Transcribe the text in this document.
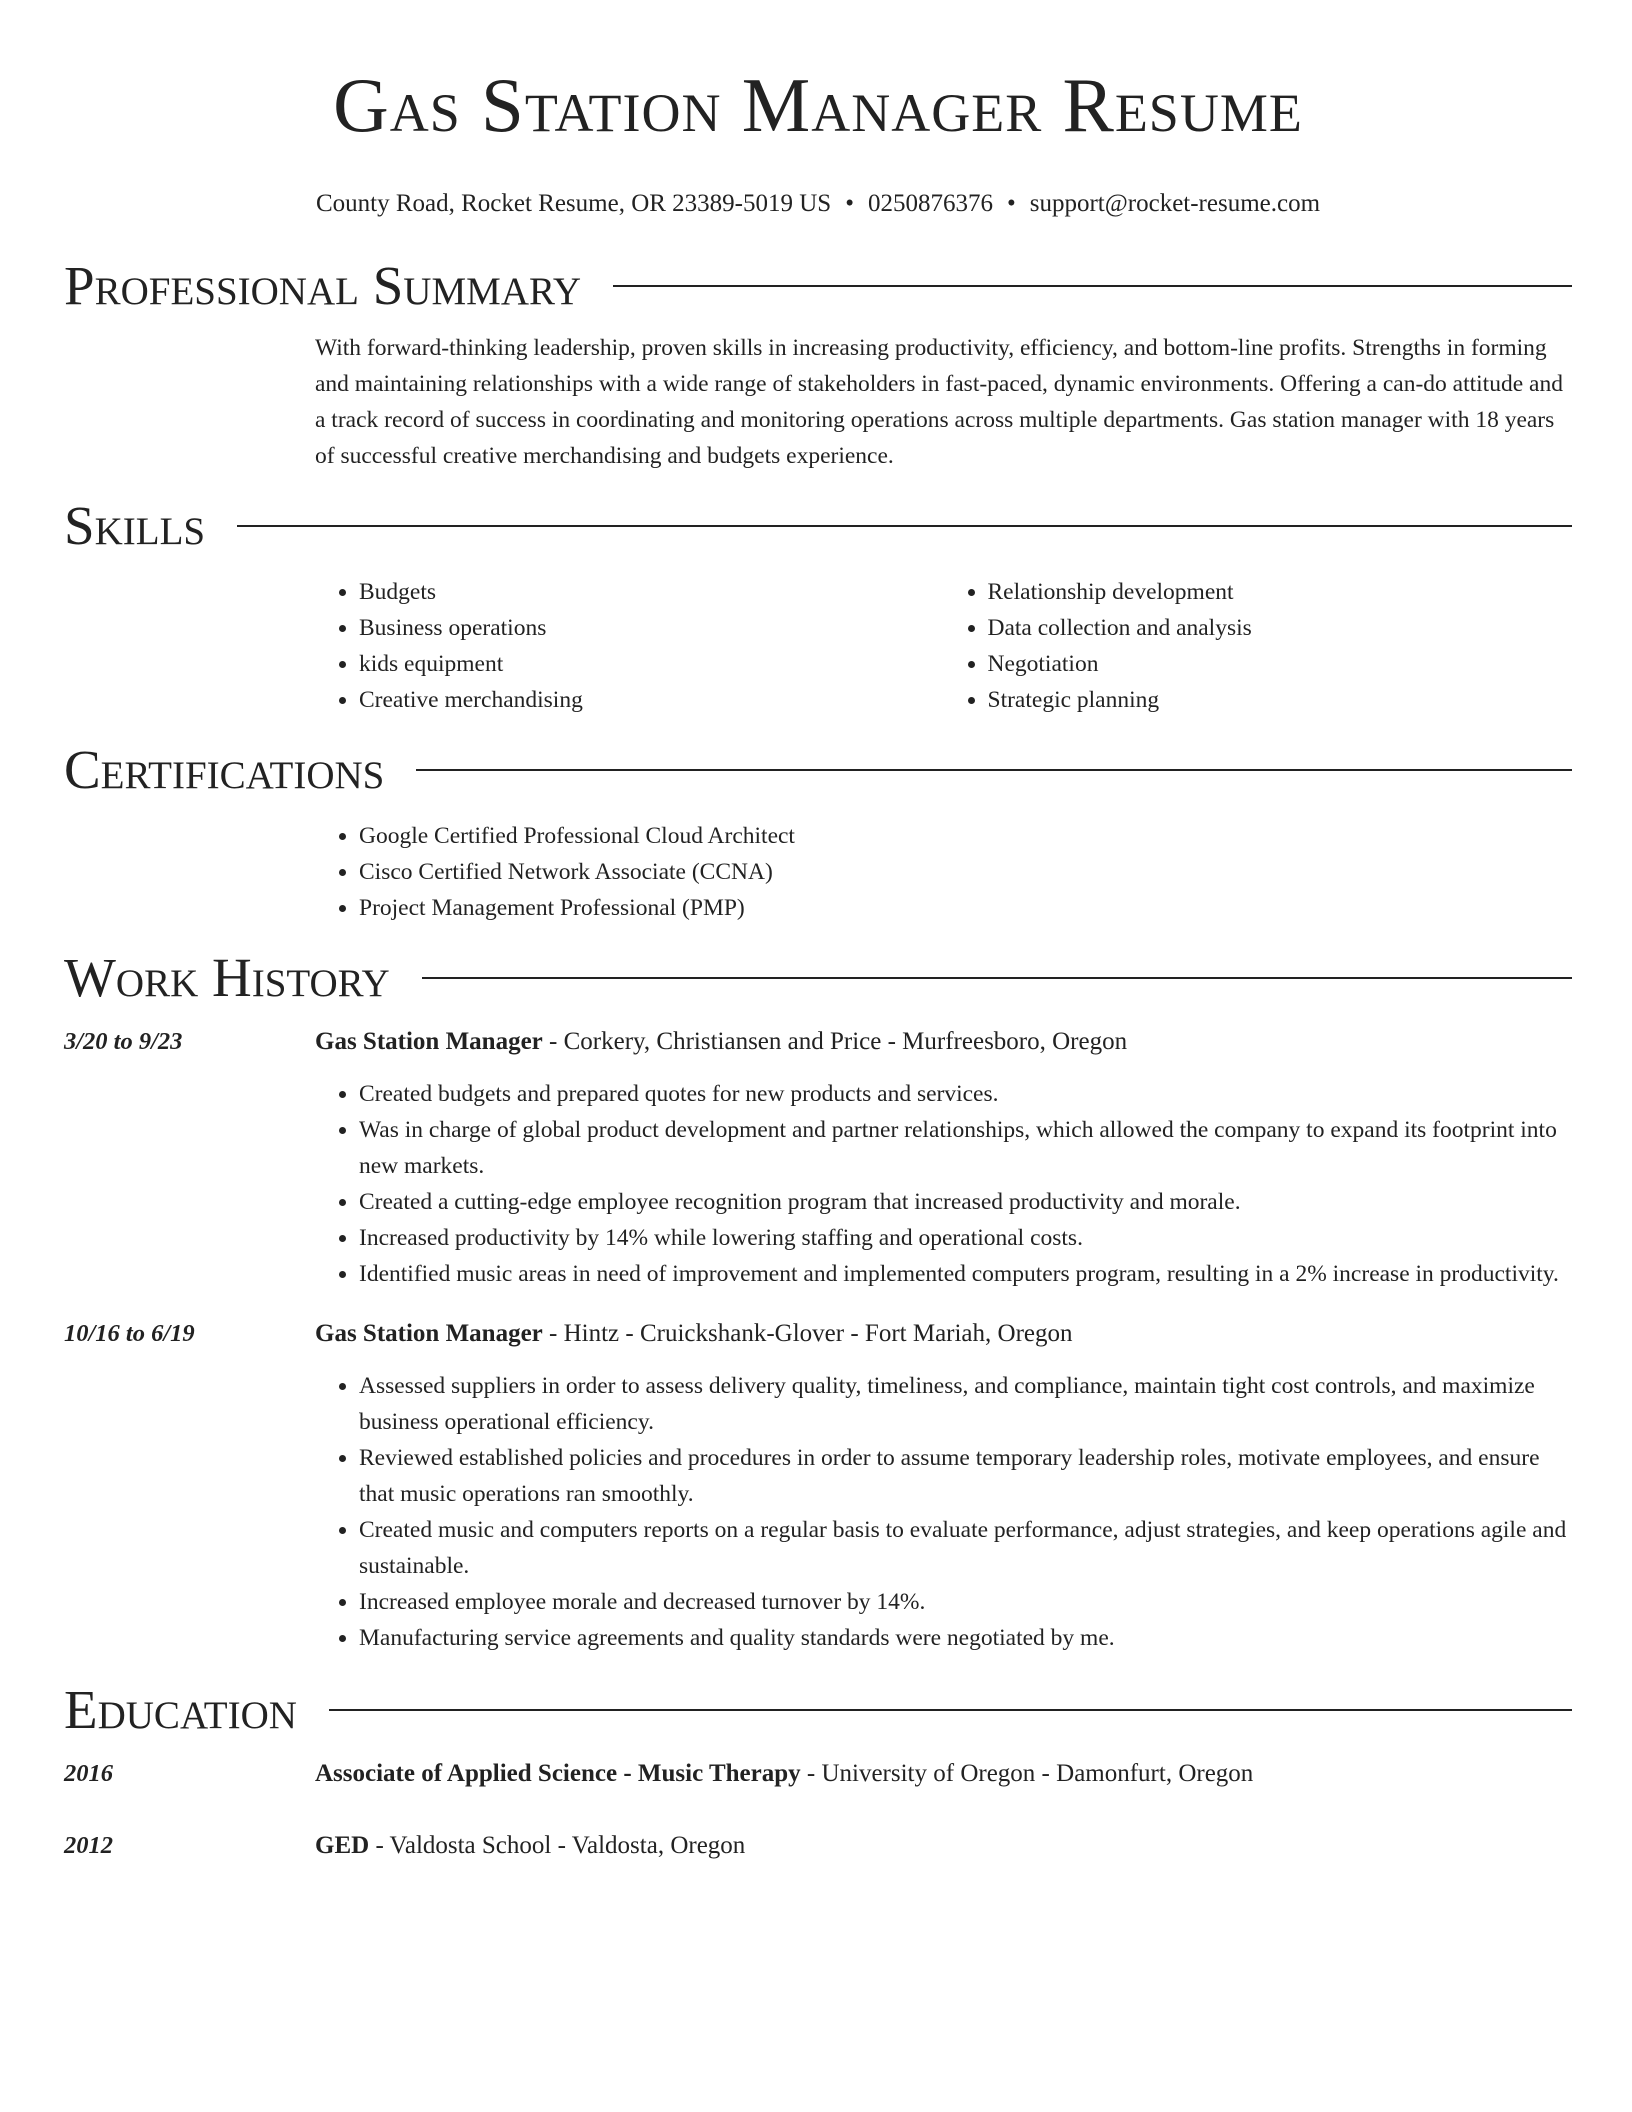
Gas Station Manager Resume
County Road, Rocket Resume, OR 23389-5019 US • 0250876376 • support@rocket-resume.com
Professional Summary
With forward-thinking leadership, proven skills in increasing productivity, efficiency, and bottom-line profits. Strengths in forming and maintaining relationships with a wide range of stakeholders in fast-paced, dynamic environments. Offering a can-do attitude and a track record of success in coordinating and monitoring operations across multiple departments. Gas station manager with 18 years of successful creative merchandising and budgets experience.
Skills
• Budgets
• Business operations
• kids equipment
• Creative merchandising
• Relationship development
• Data collection and analysis
• Negotiation
• Strategic planning
Certifications
• Google Certified Professional Cloud Architect
• Cisco Certified Network Associate (CCNA)
• Project Management Professional (PMP)
Work History
3/20 to 9/23	Gas Station Manager - Corkery, Christiansen and Price - Murfreesboro, Oregon
• Created budgets and prepared quotes for new products and services.
• Was in charge of global product development and partner relationships, which allowed the company to expand its footprint into new markets.
• Created a cutting-edge employee recognition program that increased productivity and morale.
• Increased productivity by 14% while lowering staffing and operational costs.
• Identified music areas in need of improvement and implemented computers program, resulting in a 2% increase in productivity.
10/16 to 6/19	Gas Station Manager - Hintz - Cruickshank-Glover - Fort Mariah, Oregon
• Assessed suppliers in order to assess delivery quality, timeliness, and compliance, maintain tight cost controls, and maximize business operational efficiency.
• Reviewed established policies and procedures in order to assume temporary leadership roles, motivate employees, and ensure that music operations ran smoothly.
• Created music and computers reports on a regular basis to evaluate performance, adjust strategies, and keep operations agile and sustainable.
• Increased employee morale and decreased turnover by 14%.
• Manufacturing service agreements and quality standards were negotiated by me.
Education
2016	Associate of Applied Science - Music Therapy - University of Oregon - Damonfurt, Oregon
2012	GED - Valdosta School - Valdosta, Oregon
